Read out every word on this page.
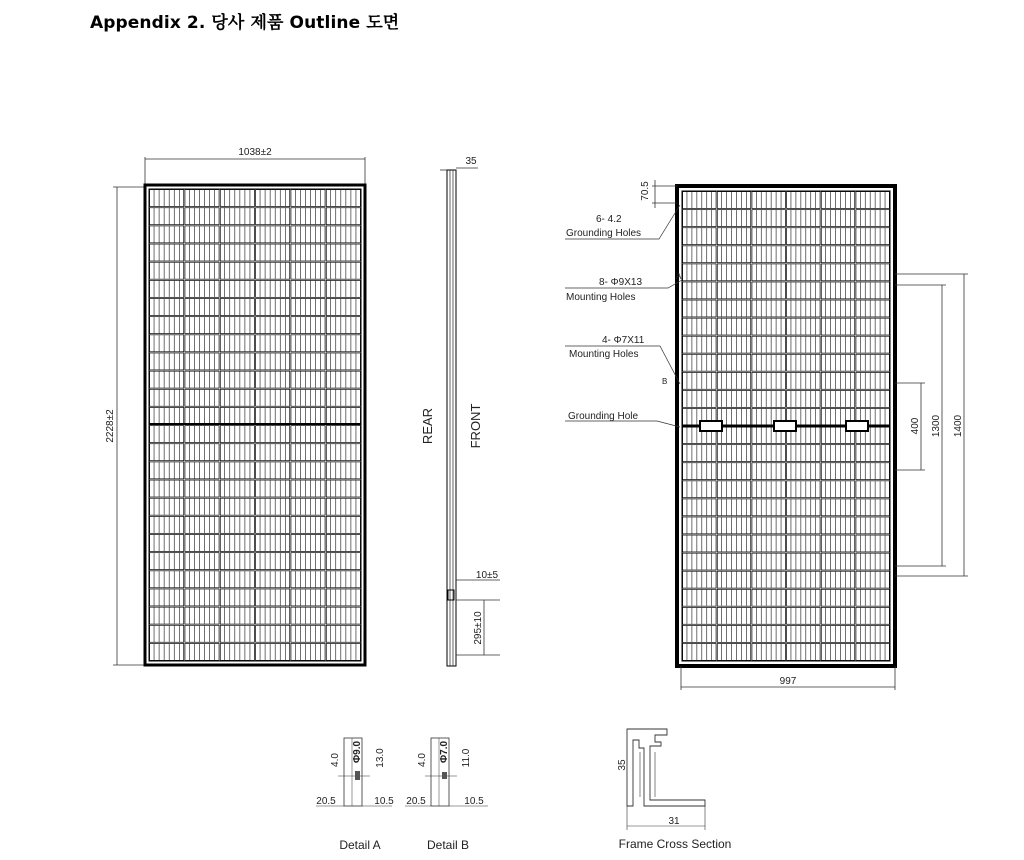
Appendix 2. 당사 제품 Outline 도면
1038±2
2228±2
35
REAR	FRONT
10±5
295±10
70.5
6- 4.2
Grounding Holes
8- Φ9X13
A
Mounting Holes
4- Φ7X11
Mounting Holes
B
Grounding Hole
400 1300 1400
997
4.0 Φ9.0 13.0
20.5	10.5
Detail A
4.0 Φ7.0 11.0
20.5	10.5
Detail B
35
31
Frame Cross Section
